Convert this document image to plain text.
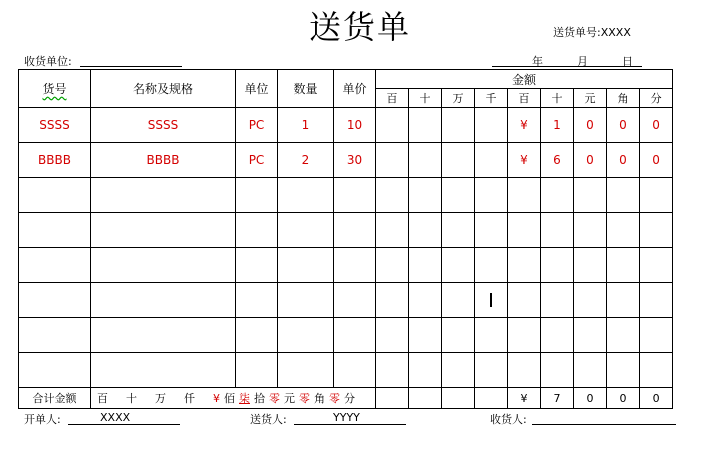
送货单	送货单号:XXXX
收货单位:	年	月	日
货号	名称及规格	单位	数量	单价	金额								
					百	十	万	千	百	十	元	角	分
SSSS	SSSS	PC	1	10					¥	1	0	0	0
BBBB	BBBB	PC	2	30					¥	6	0	0	0

合计金额	百 十 万 仟 ¥ 佰 柒 拾 零 元 零 角 零 分								¥	7	0	0	0
开单人:	XXXX	送货人:	YYYY	收货人:
